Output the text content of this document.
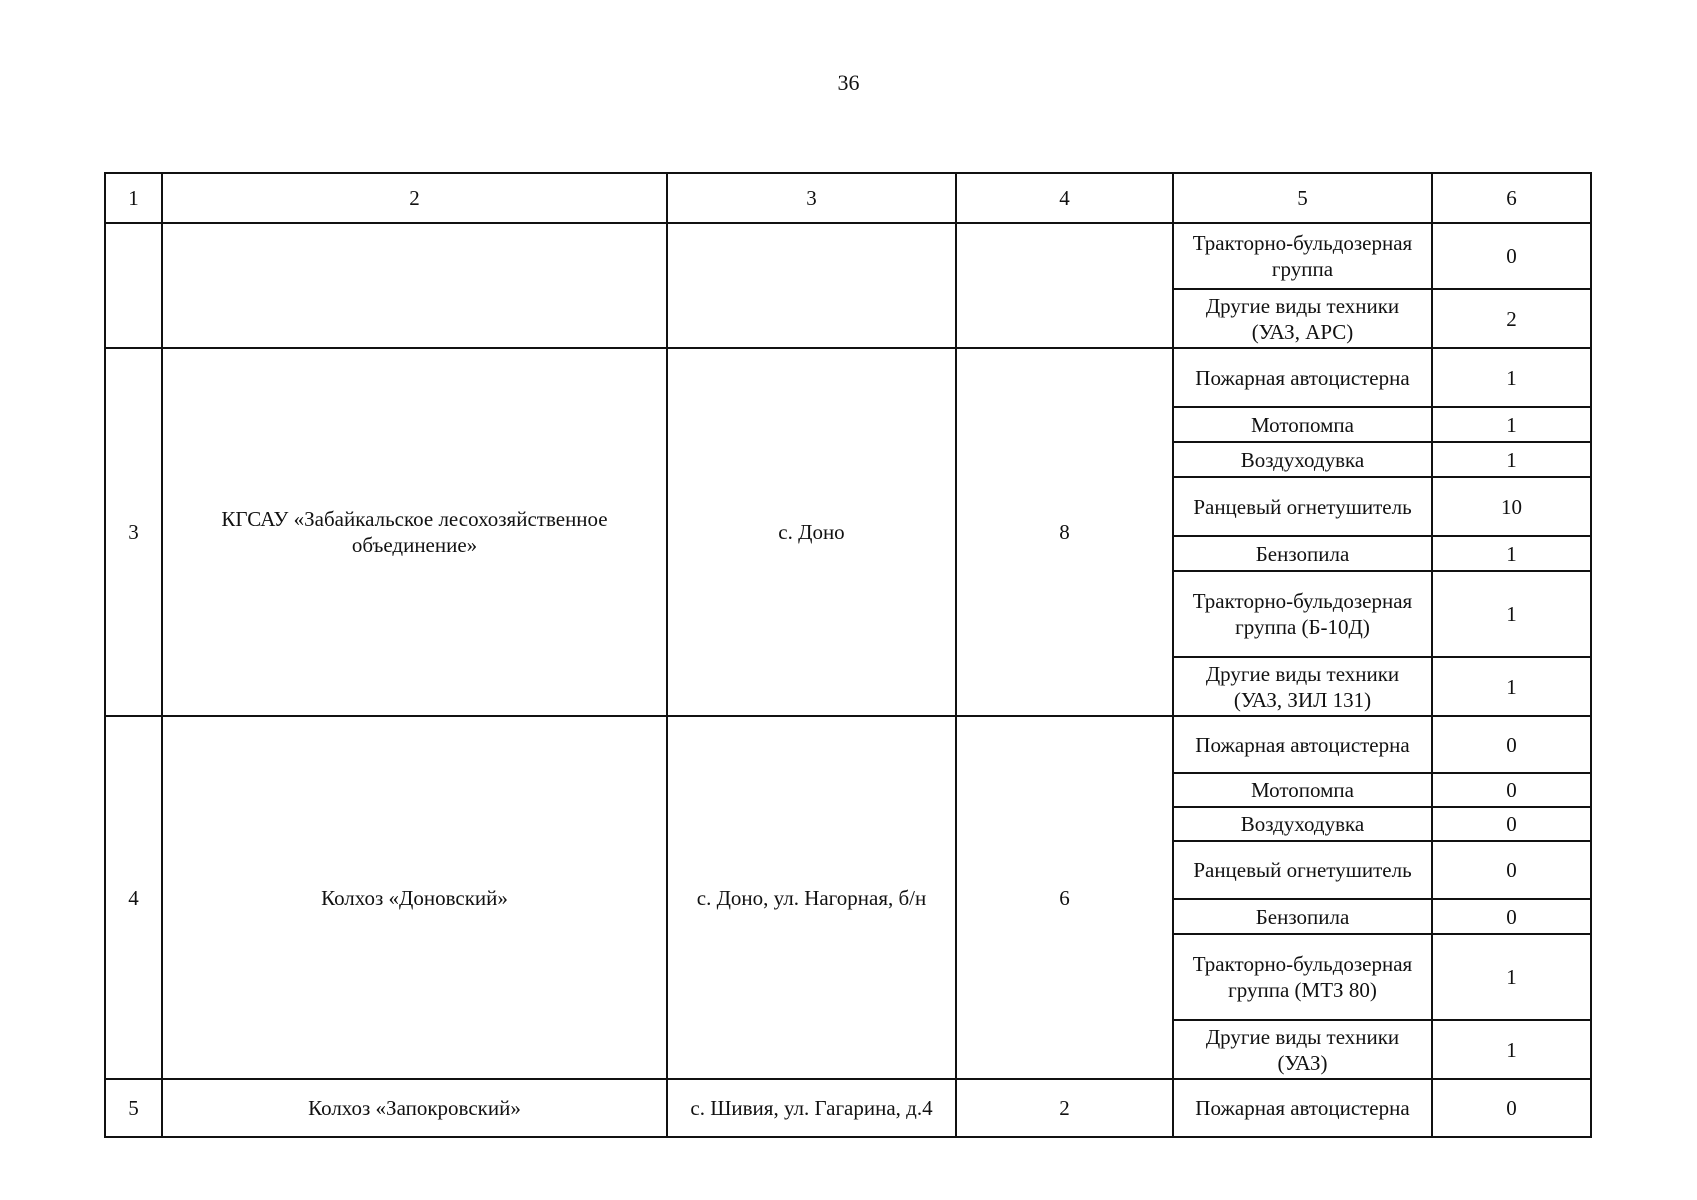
36
1	2	3	4	5	6
				Тракторно-бульдозерная группа	0
				Другие виды техники (УАЗ, АРС)	2
3	КГСАУ «Забайкальское лесохозяйственное объединение»	с. Доно	8	Пожарная автоцистерна	1
				Мотопомпа	1
				Воздуходувка	1
				Ранцевый огнетушитель	10
				Бензопила	1
				Тракторно-бульдозерная группа (Б-10Д)	1
				Другие виды техники (УАЗ, ЗИЛ 131)	1
4	Колхоз «Доновский»	с. Доно, ул. Нагорная, б/н	6	Пожарная автоцистерна	0
				Мотопомпа	0
				Воздуходувка	0
				Ранцевый огнетушитель	0
				Бензопила	0
				Тракторно-бульдозерная группа (МТЗ 80)	1
				Другие виды техники (УАЗ)	1
5	Колхоз «Запокровский»	с. Шивия, ул. Гагарина, д.4	2	Пожарная автоцистерна	0
